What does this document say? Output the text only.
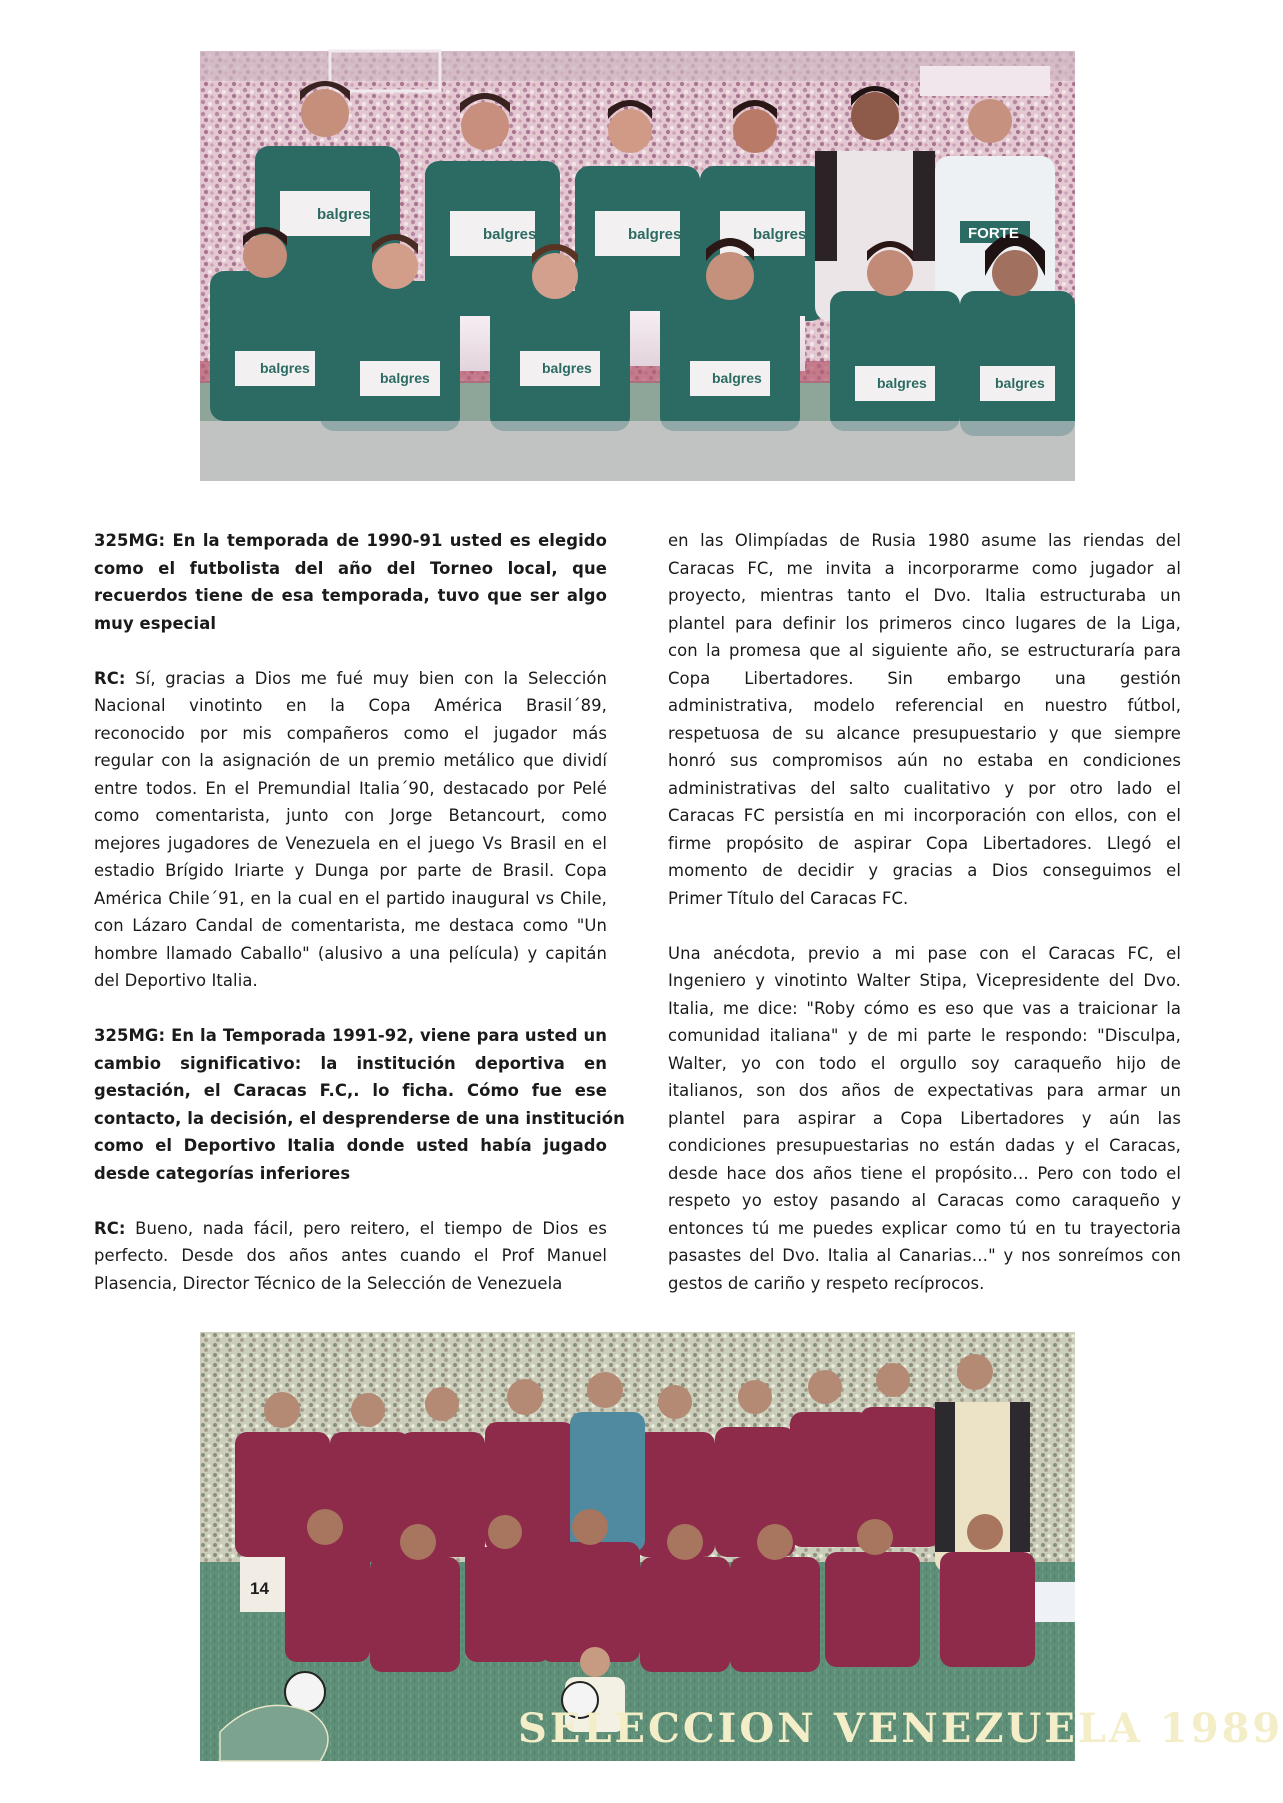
balgres
balgres	balgres	balgres	FORTE
balgres
balgres
balgres
balgres	balgres	balgres
325MG: En la temporada de 1990-91 usted es elegido
como el futbolista del año del Torneo local, que
recuerdos tiene de esa temporada, tuvo que ser algo
muy especial
RC: Sí, gracias a Dios me fué muy bien con la Selección
Nacional vinotinto en la Copa América Brasil´89,
reconocido por mis compañeros como el jugador más
regular con la asignación de un premio metálico que dividí
entre todos. En el Premundial Italia´90, destacado por Pelé
como comentarista, junto con Jorge Betancourt, como
mejores jugadores de Venezuela en el juego Vs Brasil en el
estadio Brígido Iriarte y Dunga por parte de Brasil. Copa
América Chile´91, en la cual en el partido inaugural vs Chile,
con Lázaro Candal de comentarista, me destaca como "Un
hombre llamado Caballo" (alusivo a una película) y capitán
del Deportivo Italia.
325MG: En la Temporada 1991-92, viene para usted un
cambio significativo: la institución deportiva en
gestación, el Caracas F.C,. lo ficha. Cómo fue ese
contacto, la decisión, el desprenderse de una institución
como el Deportivo Italia donde usted había jugado
desde categorías inferiores
RC: Bueno, nada fácil, pero reitero, el tiempo de Dios es
perfecto. Desde dos años antes cuando el Prof Manuel
Plasencia, Director Técnico de la Selección de Venezuela
en las Olimpíadas de Rusia 1980 asume las riendas del
Caracas FC, me invita a incorporarme como jugador al
proyecto, mientras tanto el Dvo. Italia estructuraba un
plantel para definir los primeros cinco lugares de la Liga,
con la promesa que al siguiente año, se estructuraría para
Copa Libertadores. Sin embargo una gestión
administrativa, modelo referencial en nuestro fútbol,
respetuosa de su alcance presupuestario y que siempre
honró sus compromisos aún no estaba en condiciones
administrativas del salto cualitativo y por otro lado el
Caracas FC persistía en mi incorporación con ellos, con el
firme propósito de aspirar Copa Libertadores. Llegó el
momento de decidir y gracias a Dios conseguimos el
Primer Título del Caracas FC.
Una anécdota, previo a mi pase con el Caracas FC, el
Ingeniero y vinotinto Walter Stipa, Vicepresidente del Dvo.
Italia, me dice: "Roby cómo es eso que vas a traicionar la
comunidad italiana" y de mi parte le respondo: "Disculpa,
Walter, yo con todo el orgullo soy caraqueño hijo de
italianos, son dos años de expectativas para armar un
plantel para aspirar a Copa Libertadores y aún las
condiciones presupuestarias no están dadas y el Caracas,
desde hace dos años tiene el propósito… Pero con todo el
respeto yo estoy pasando al Caracas como caraqueño y
entonces tú me puedes explicar como tú en tu trayectoria
pasastes del Dvo. Italia al Canarias…" y nos sonreímos con
gestos de cariño y respeto recíprocos.
14
SELECCION VENEZUELA 1989
